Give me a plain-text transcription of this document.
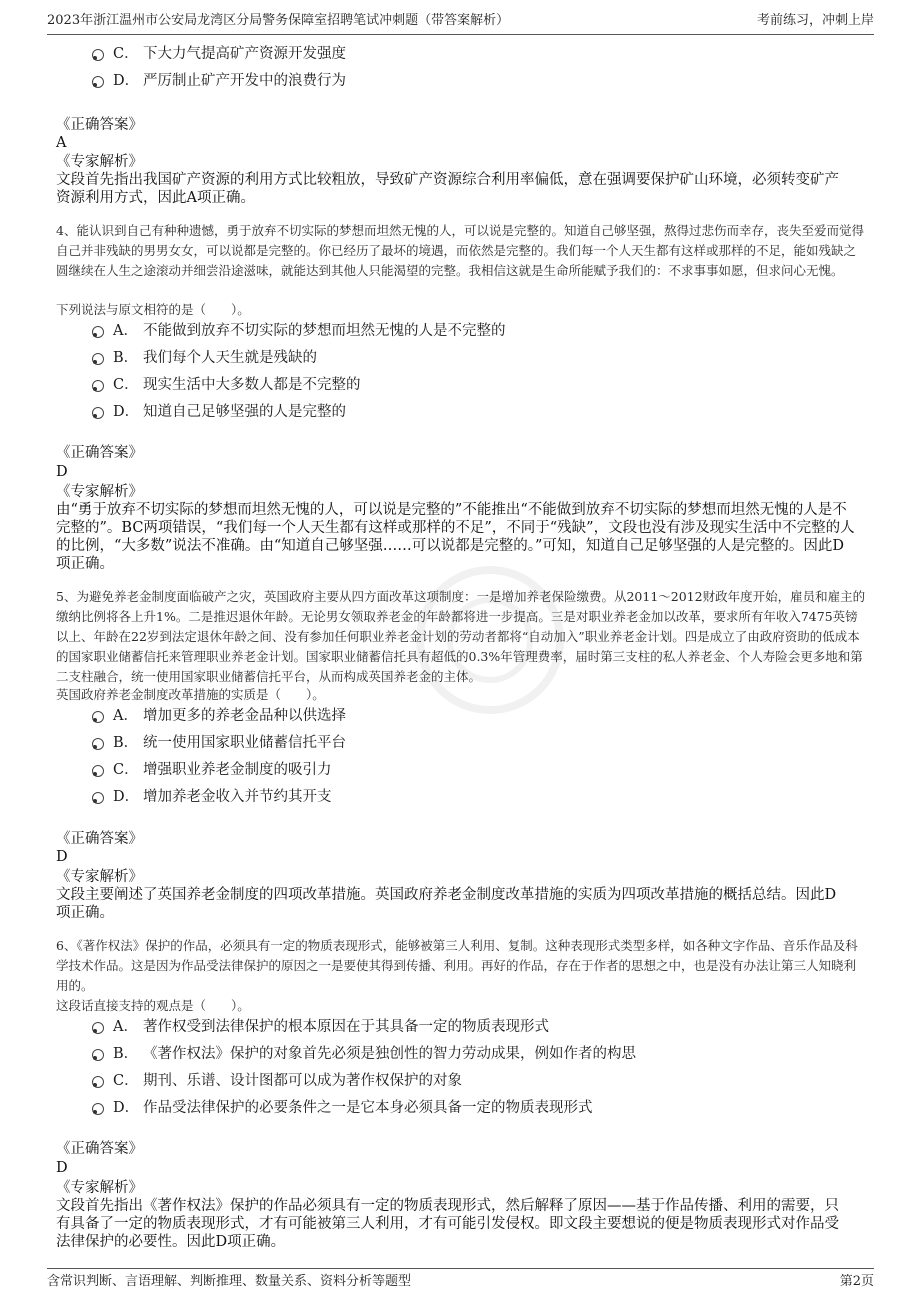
2023年浙江温州市公安局龙湾区分局警务保障室招聘笔试冲刺题（带答案解析）	考前练习，冲刺上岸
C． 下大力气提高矿产资源开发强度
D． 严厉制止矿产开发中的浪费行为
《正确答案》
A
《专家解析》
文段首先指出我国矿产资源的利用方式比较粗放，导致矿产资源综合利用率偏低，意在强调要保护矿山环境，必须转变矿产
资源利用方式，因此A项正确。
4、能认识到自己有种种遗憾，勇于放弃不切实际的梦想而坦然无愧的人，可以说是完整的。知道自己够坚强，熬得过悲伤而幸存，丧失至爱而觉得自己并非残缺的男男女女，可以说都是完整的。你已经历了最坏的境遇，而依然是完整的。我们每一个人天生都有这样或那样的不足，能如残缺之圆继续在人生之途滚动并细尝沿途滋味，就能达到其他人只能渴望的完整。我相信这就是生命所能赋予我们的：不求事事如愿，但求问心无愧。
下列说法与原文相符的是（　　）。
A． 不能做到放弃不切实际的梦想而坦然无愧的人是不完整的
B． 我们每个人天生就是残缺的
C． 现实生活中大多数人都是不完整的
D． 知道自己足够坚强的人是完整的
《正确答案》
D
《专家解析》
由“勇于放弃不切实际的梦想而坦然无愧的人，可以说是完整的”不能推出“不能做到放弃不切实际的梦想而坦然无愧的人是不
完整的”。BC两项错误，“我们每一个人天生都有这样或那样的不足”，不同于“残缺”，文段也没有涉及现实生活中不完整的人
的比例，“大多数”说法不准确。由“知道自己够坚强……可以说都是完整的。”可知，知道自己足够坚强的人是完整的。因此D
项正确。
5、为避免养老金制度面临破产之灾，英国政府主要从四方面改革这项制度：一是增加养老保险缴费。从2011～2012财政年度开始，雇员和雇主的缴纳比例将各上升1%。二是推迟退休年龄。无论男女领取养老金的年龄都将进一步提高。三是对职业养老金加以改革，要求所有年收入7475英镑以上、年龄在22岁到法定退休年龄之间、没有参加任何职业养老金计划的劳动者都将“自动加入”职业养老金计划。四是成立了由政府资助的低成本的国家职业储蓄信托来管理职业养老金计划。国家职业储蓄信托具有超低的0.3%年管理费率，届时第三支柱的私人养老金、个人寿险会更多地和第二支柱融合，统一使用国家职业储蓄信托平台，从而构成英国养老金的主体。
英国政府养老金制度改革措施的实质是（　　）。
A． 增加更多的养老金品种以供选择
B． 统一使用国家职业储蓄信托平台
C． 增强职业养老金制度的吸引力
D． 增加养老金收入并节约其开支
《正确答案》
D
《专家解析》
文段主要阐述了英国养老金制度的四项改革措施。英国政府养老金制度改革措施的实质为四项改革措施的概括总结。因此D
项正确。
6、《著作权法》保护的作品，必须具有一定的物质表现形式，能够被第三人利用、复制。这种表现形式类型多样，如各种文字作品、音乐作品及科学技术作品。这是因为作品受法律保护的原因之一是要使其得到传播、利用。再好的作品，存在于作者的思想之中，也是没有办法让第三人知晓利用的。
这段话直接支持的观点是（　　）。
A． 著作权受到法律保护的根本原因在于其具备一定的物质表现形式
B． 《著作权法》保护的对象首先必须是独创性的智力劳动成果，例如作者的构思
C． 期刊、乐谱、设计图都可以成为著作权保护的对象
D． 作品受法律保护的必要条件之一是它本身必须具备一定的物质表现形式
《正确答案》
D
《专家解析》
文段首先指出《著作权法》保护的作品必须具有一定的物质表现形式，然后解释了原因——基于作品传播、利用的需要，只
有具备了一定的物质表现形式，才有可能被第三人利用，才有可能引发侵权。即文段主要想说的便是物质表现形式对作品受
法律保护的必要性。因此D项正确。
含常识判断、言语理解、判断推理、数量关系、资料分析等题型	第2页
